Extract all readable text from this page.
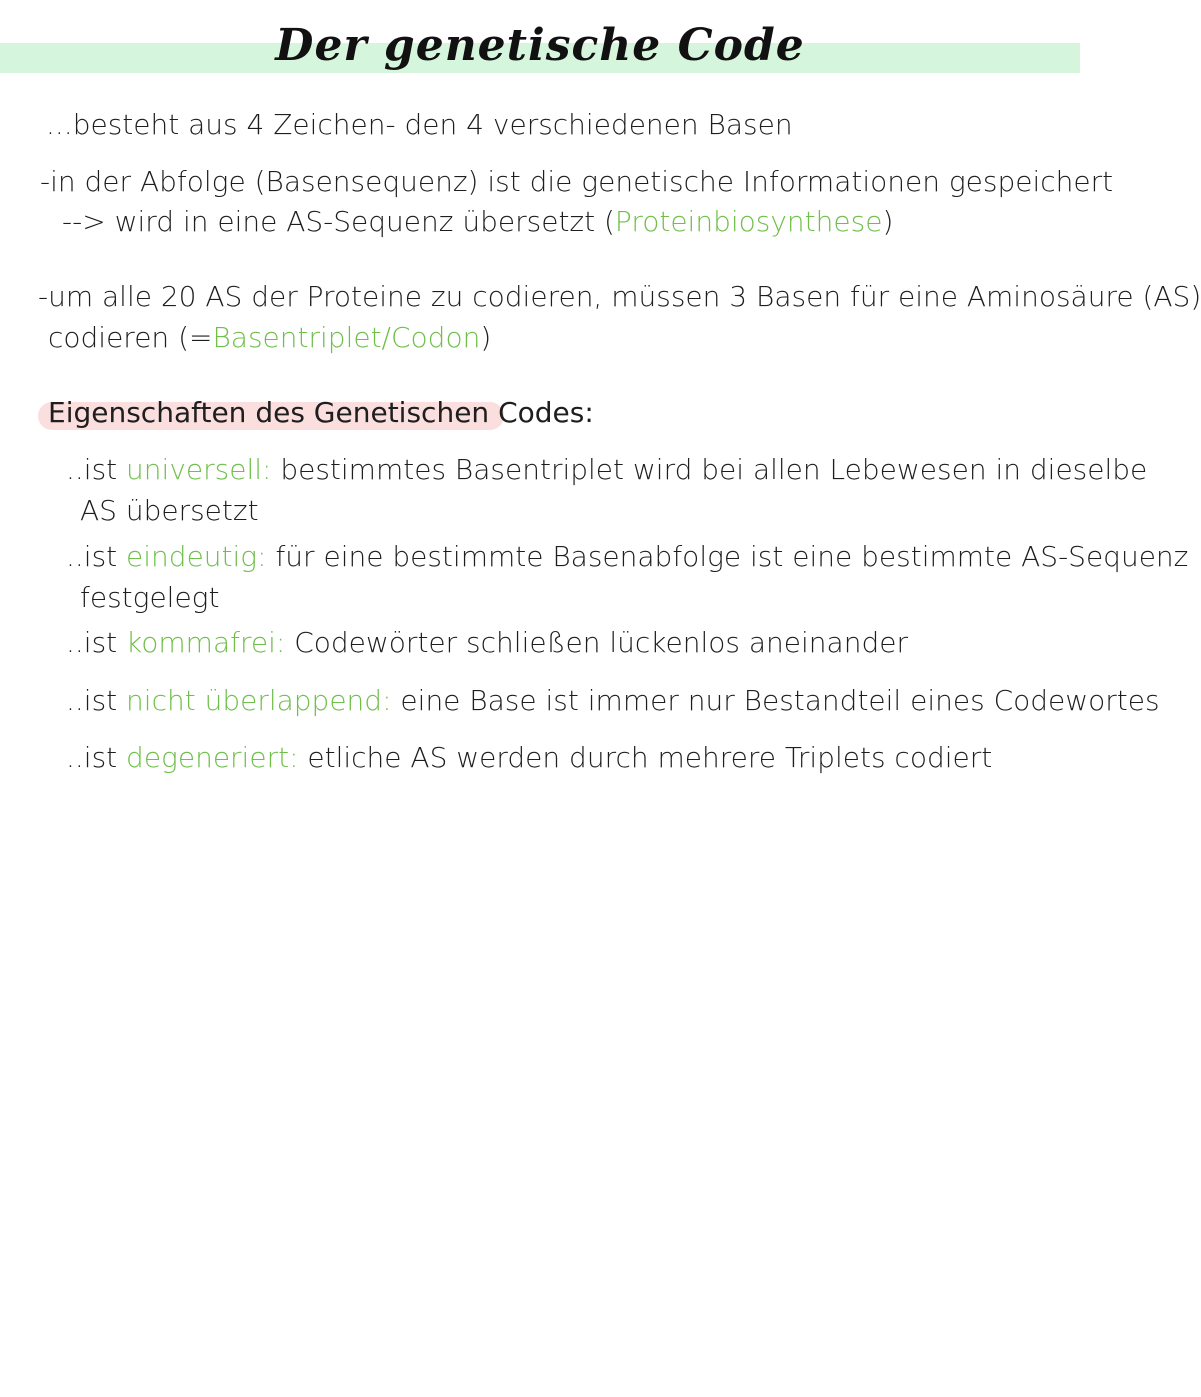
Der genetische Code
...besteht aus 4 Zeichen- den 4 verschiedenen Basen
-in der Abfolge (Basensequenz) ist die genetische Informationen gespeichert
--> wird in eine AS-Sequenz übersetzt (Proteinbiosynthese)
-um alle 20 AS der Proteine zu codieren, müssen 3 Basen für eine Aminosäure (AS)
codieren (=Basentriplet/Codon)
Eigenschaften des Genetischen Codes:
..ist universell: bestimmtes Basentriplet wird bei allen Lebewesen in dieselbe
AS übersetzt
..ist eindeutig: für eine bestimmte Basenabfolge ist eine bestimmte AS-Sequenz
festgelegt
..ist kommafrei: Codewörter schließen lückenlos aneinander
..ist nicht überlappend: eine Base ist immer nur Bestandteil eines Codewortes
..ist degeneriert: etliche AS werden durch mehrere Triplets codiert
